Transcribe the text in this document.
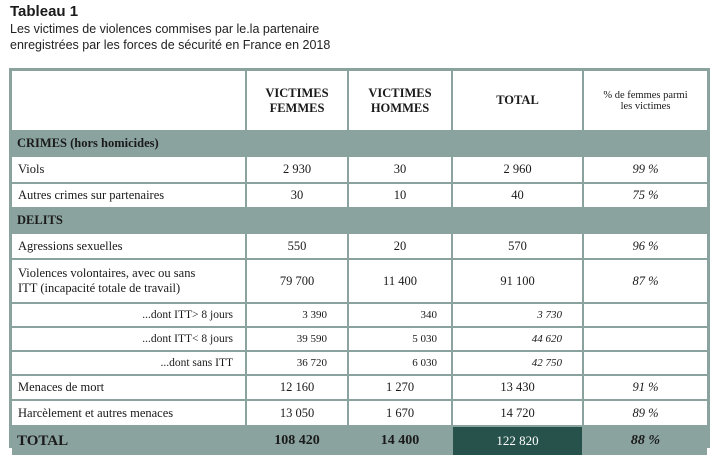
Tableau 1
Les victimes de violences commises par le.la partenaire
enregistrées par les forces de sécurité en France en 2018
	VICTIMES
FEMMES	VICTIMES
HOMMES	TOTAL	% de femmes parmi
les victimes
CRIMES (hors homicides)				
Viols	2 930	30	2 960	99 %
Autres crimes sur partenaires	30	10	40	75 %
DELITS				
Agressions sexuelles	550	20	570	96 %
Violences volontaires, avec ou sans
ITT (incapacité totale de travail)	79 700	11 400	91 100	87 %
...dont ITT> 8 jours	3 390	340	3 730	
...dont ITT< 8 jours	39 590	5 030	44 620	
...dont sans ITT	36 720	6 030	42 750	
Menaces de mort	12 160	1 270	13 430	91 %
Harcèlement et autres menaces	13 050	1 670	14 720	89 %
TOTAL	108 420	14 400	122 820	88 %
